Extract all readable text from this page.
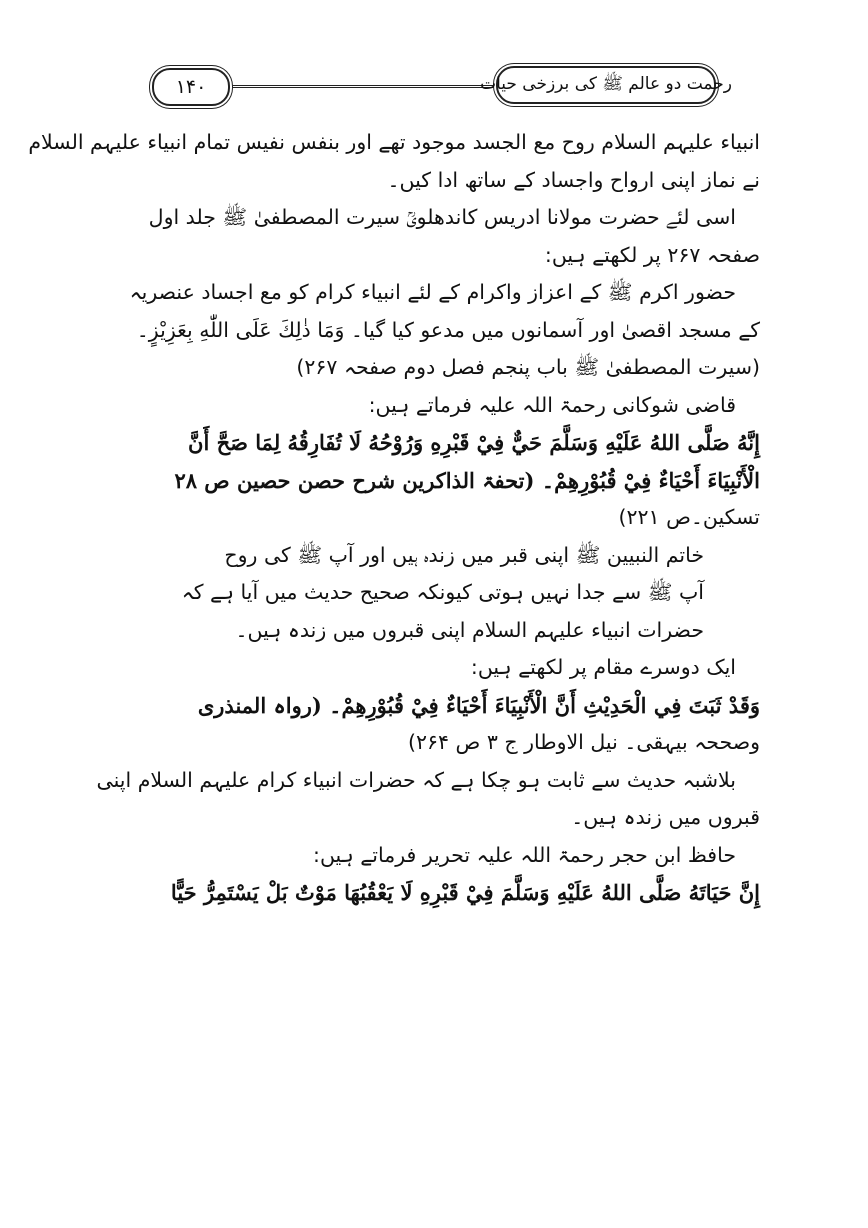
۱۴۰	رحمت دو عالم ﷺ کی برزخی حیات
انبیاء علیہم السلام روح مع الجسد موجود تھے اور بنفس نفیس تمام انبیاء علیہم السلام
نے نماز اپنی ارواح واجساد کے ساتھ ادا کیں۔
اسی لئے حضرت مولانا ادریس کاندھلویؒ سیرت المصطفیٰ ﷺ جلد اول
صفحہ ۲۶۷ پر لکھتے ہیں:
حضور اکرم ﷺ کے اعزاز واکرام کے لئے انبیاء کرام کو مع اجساد عنصریہ
کے مسجد اقصیٰ اور آسمانوں میں مدعو کیا گیا۔ وَمَا ذٰلِكَ عَلَى اللّٰهِ بِعَزِيْزٍ۔
(سیرت المصطفیٰ ﷺ باب پنجم فصل دوم صفحہ ۲۶۷)
قاضی شوکانی رحمۃ اللہ علیہ فرماتے ہیں:
إِنَّهُ صَلَّى اللهُ عَلَيْهِ وَسَلَّمَ حَيٌّ فِيْ قَبْرِهِ وَرُوْحُهُ لَا تُفَارِقُهُ لِمَا صَحَّ أَنَّ
الْأَنْبِيَاءَ أَحْيَاءٌ فِيْ قُبُوْرِهِمْ۔ (تحفۃ الذاکرین شرح حصن حصین ص ۲۸
تسکین۔ص ۲۲۱)
خاتم النبیین ﷺ اپنی قبر میں زندہ ہیں اور آپ ﷺ کی روح
آپ ﷺ سے جدا نہیں ہوتی کیونکہ صحیح حدیث میں آیا ہے کہ
حضرات انبیاء علیہم السلام اپنی قبروں میں زندہ ہیں۔
ایک دوسرے مقام پر لکھتے ہیں:
وَقَدْ ثَبَتَ فِي الْحَدِيْثِ أَنَّ الْأَنْبِيَاءَ أَحْيَاءٌ فِيْ قُبُوْرِهِمْ۔ (رواہ المنذری
وصححہ بیہقی۔ نیل الاوطار ج ۳ ص ۲۶۴)
بلاشبہ حدیث سے ثابت ہو چکا ہے کہ حضرات انبیاء کرام علیہم السلام اپنی
قبروں میں زندہ ہیں۔
حافظ ابن حجر رحمۃ اللہ علیہ تحریر فرماتے ہیں:
إِنَّ حَيَاتَهُ صَلَّى اللهُ عَلَيْهِ وَسَلَّمَ فِيْ قَبْرِهِ لَا يَعْقُبُهَا مَوْتٌ بَلْ يَسْتَمِرُّ حَيًّا
